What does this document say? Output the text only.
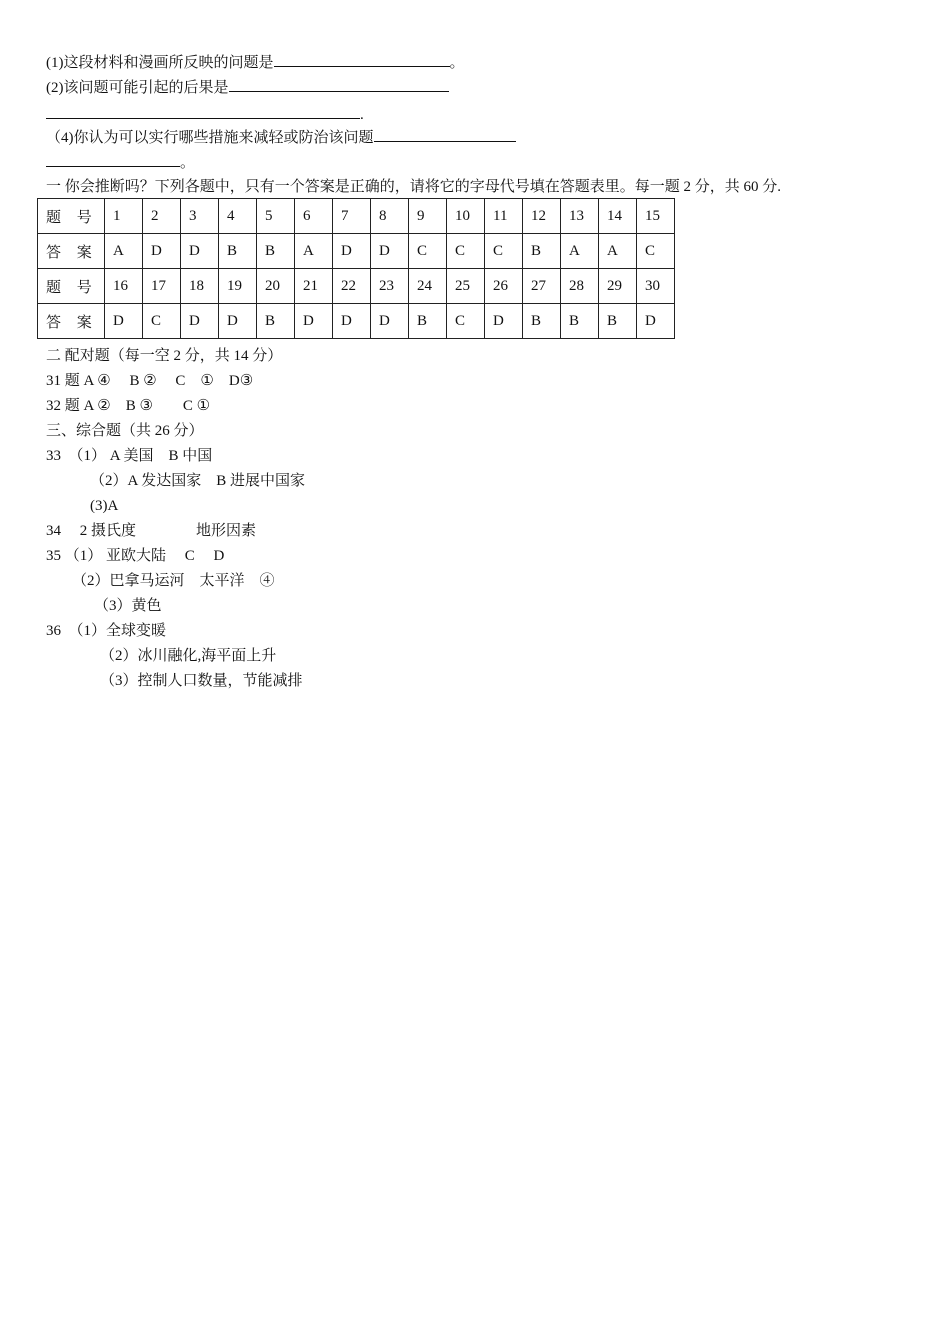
(1)这段材料和漫画所反映的问题是	。
(2)该问题可能引起的后果是
.
（4)你认为可以实行哪些措施来减轻或防治该问题
。
一 你会推断吗？下列各题中，只有一个答案是正确的，请将它的字母代号填在答题表里。每一题 2 分，共 60 分.
题 号	1	2	3	4	5	6	7	8	9	10	11	12	13	14	15
答 案	A	D	D	B	B	A	D	D	C	C	C	B	A	A	C
题 号	16	17	18	19	20	21	22	23	24	25	26	27	28	29	30
答 案	D	C	D	D	B	D	D	D	B	C	D	B	B	B	D
二 配对题（每一空 2 分，共 14 分）
31 题 A ④　 B ②　 C　①　D③
32 题 A ②　B ③　　C ①
三、综合题（共 26 分）
33　（1） A 美国　B 中国
（2）A 发达国家　B 进展中国家
(3)A
34　 2 摄氏度　　　　地形因素
35 （1） 亚欧大陆　 C　 D
（2）巴拿马运河　太平洋　④
（3）黄色
36　（1）全球变暖
（2）冰川融化,海平面上升
（3）控制人口数量，节能减排
